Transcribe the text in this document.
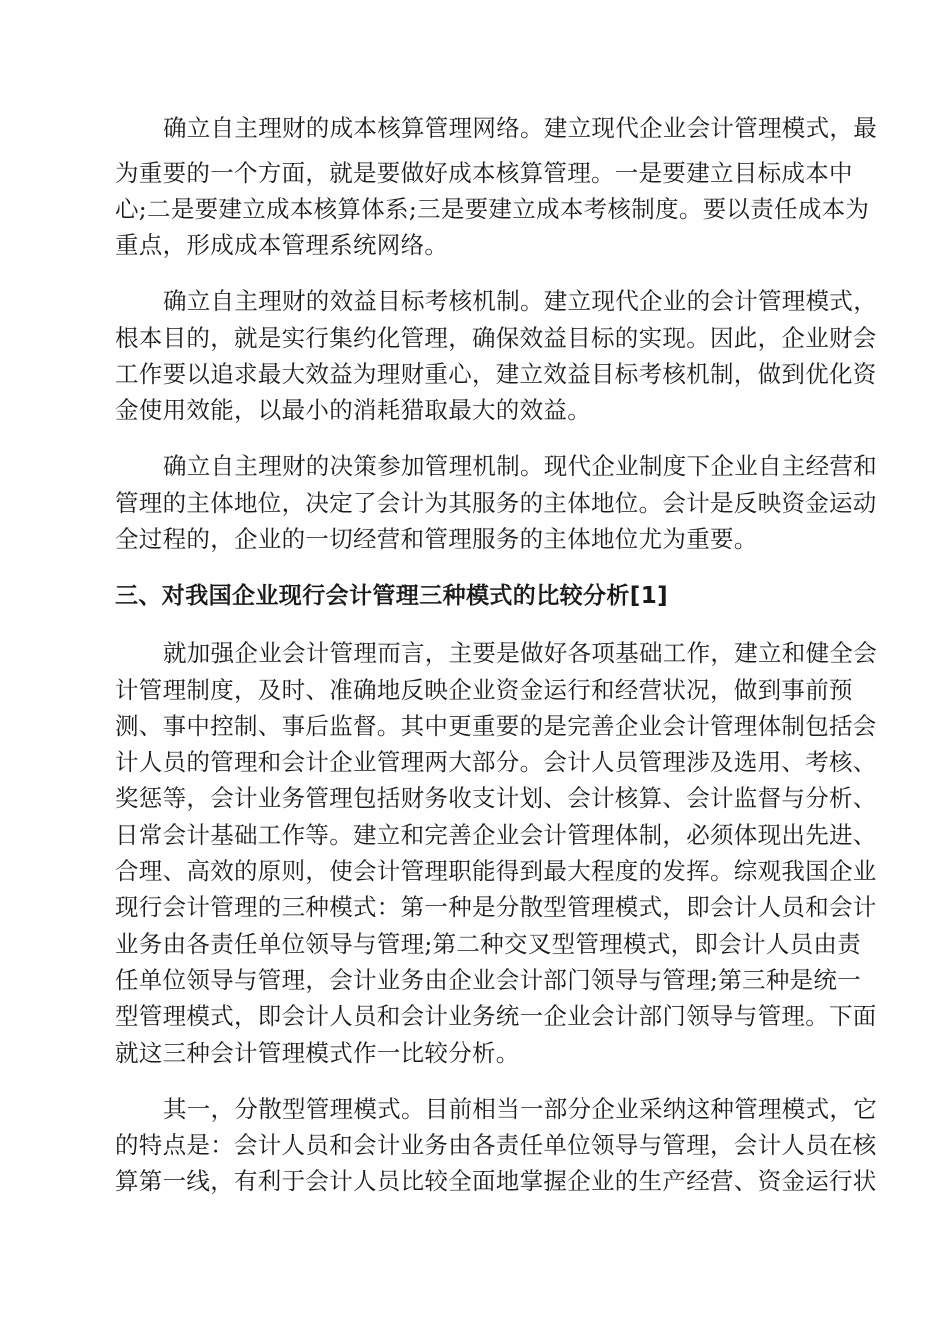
确立自主理财的成本核算管理网络。建立现代企业会计管理模式，最

为重要的一个方面，就是要做好成本核算管理。一是要建立目标成本中

心;二是要建立成本核算体系;三是要建立成本考核制度。要以责任成本为

重点，形成成本管理系统网络。

确立自主理财的效益目标考核机制。建立现代企业的会计管理模式，

根本目的，就是实行集约化管理，确保效益目标的实现。因此，企业财会

工作要以追求最大效益为理财重心，建立效益目标考核机制，做到优化资

金使用效能，以最小的消耗猎取最大的效益。

确立自主理财的决策参加管理机制。现代企业制度下企业自主经营和

管理的主体地位，决定了会计为其服务的主体地位。会计是反映资金运动

全过程的，企业的一切经营和管理服务的主体地位尤为重要。

三、对我国企业现行会计管理三种模式的比较分析[1]

就加强企业会计管理而言，主要是做好各项基础工作，建立和健全会

计管理制度，及时、准确地反映企业资金运行和经营状况，做到事前预

测、事中控制、事后监督。其中更重要的是完善企业会计管理体制包括会

计人员的管理和会计企业管理两大部分。会计人员管理涉及选用、考核、

奖惩等，会计业务管理包括财务收支计划、会计核算、会计监督与分析、

日常会计基础工作等。建立和完善企业会计管理体制，必须体现出先进、

合理、高效的原则，使会计管理职能得到最大程度的发挥。综观我国企业

现行会计管理的三种模式：第一种是分散型管理模式，即会计人员和会计

业务由各责任单位领导与管理;第二种交叉型管理模式，即会计人员由责

任单位领导与管理，会计业务由企业会计部门领导与管理;第三种是统一

型管理模式，即会计人员和会计业务统一企业会计部门领导与管理。下面

就这三种会计管理模式作一比较分析。

其一，分散型管理模式。目前相当一部分企业采纳这种管理模式，它

的特点是：会计人员和会计业务由各责任单位领导与管理，会计人员在核

算第一线，有利于会计人员比较全面地掌握企业的生产经营、资金运行状
